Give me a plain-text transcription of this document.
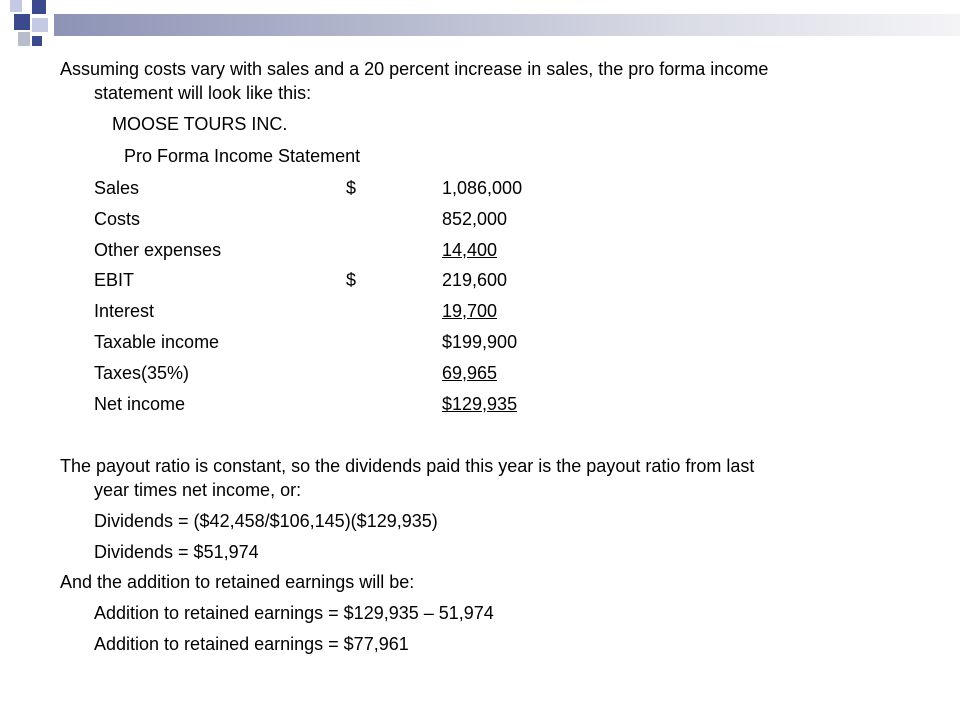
Assuming costs vary with sales and a 20 percent increase in sales, the pro forma income
statement will look like this:
MOOSE TOURS INC.
Pro Forma Income Statement
Sales	$	1,086,000
Costs	852,000
Other expenses	14,400
EBIT	$	219,600
Interest	19,700
Taxable income	$199,900
Taxes(35%)	69,965
Net income	$129,935
The payout ratio is constant, so the dividends paid this year is the payout ratio from last
year times net income, or:
Dividends = ($42,458/$106,145)($129,935)
Dividends = $51,974
And the addition to retained earnings will be:
Addition to retained earnings = $129,935 – 51,974
Addition to retained earnings = $77,961
